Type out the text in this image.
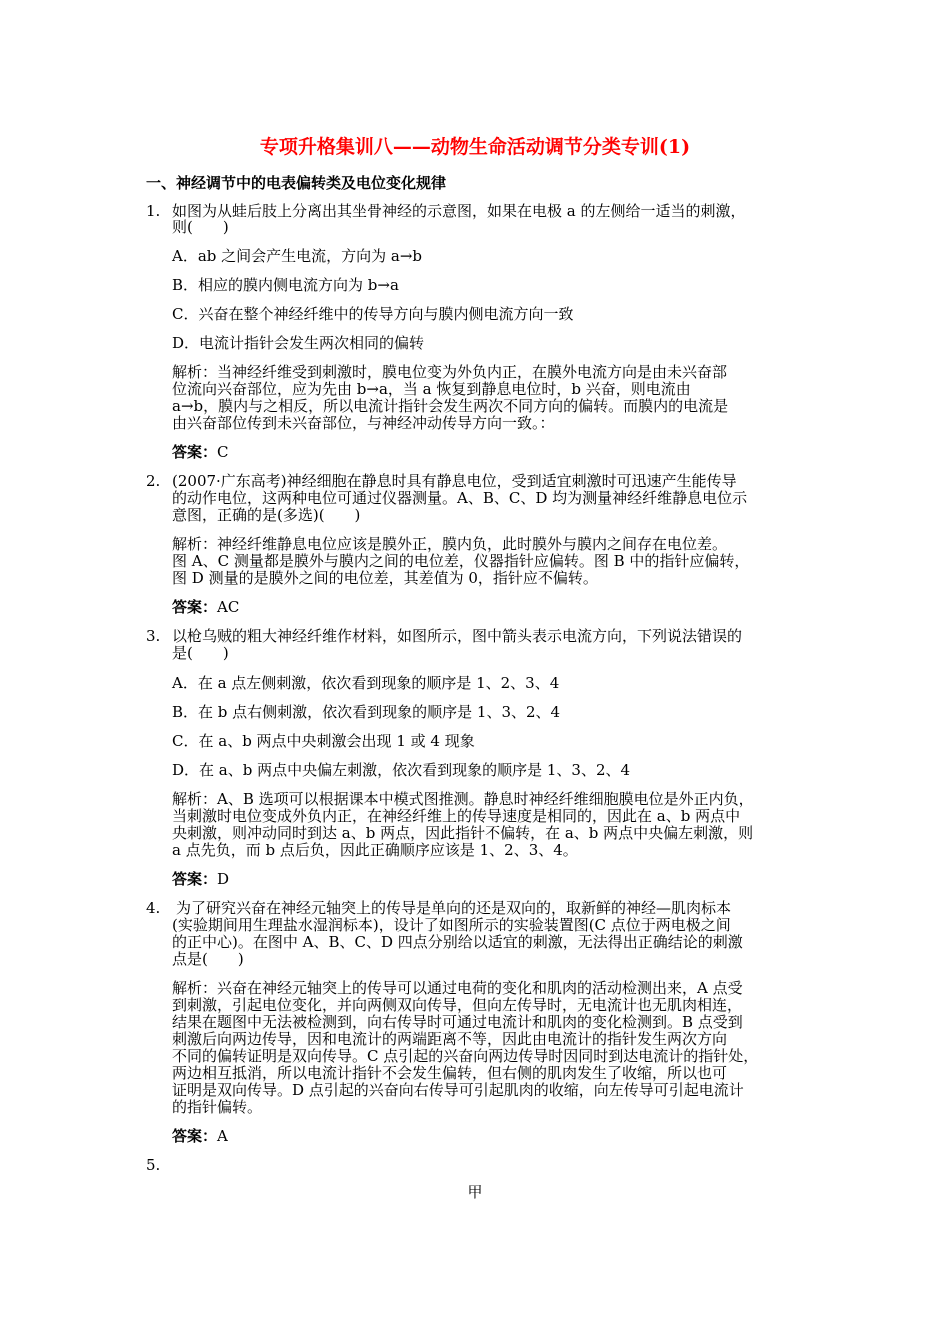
专项升格集训八——动物生命活动调节分类专训(1)
一、神经调节中的电表偏转类及电位变化规律
1. 如图为从蛙后肢上分离出其坐骨神经的示意图，如果在电极 a 的左侧给一适当的刺激，
则(　　)
A．ab 之间会产生电流，方向为 a→b
B．相应的膜内侧电流方向为 b→a
C．兴奋在整个神经纤维中的传导方向与膜内侧电流方向一致
D．电流计指针会发生两次相同的偏转
解析：当神经纤维受到刺激时，膜电位变为外负内正，在膜外电流方向是由未兴奋部
位流向兴奋部位，应为先由 b→a，当 a 恢复到静息电位时，b 兴奋，则电流由
a→b，膜内与之相反，所以电流计指针会发生两次不同方向的偏转。而膜内的电流是
由兴奋部位传到未兴奋部位，与神经冲动传导方向一致。：
答案：C
2. (2007·广东高考)神经细胞在静息时具有静息电位，受到适宜刺激时可迅速产生能传导
的动作电位，这两种电位可通过仪器测量。A、B、C、D 均为测量神经纤维静息电位示
意图，正确的是(多选)(　　)
解析：神经纤维静息电位应该是膜外正，膜内负，此时膜外与膜内之间存在电位差。
图 A、C 测量都是膜外与膜内之间的电位差，仪器指针应偏转。图 B 中的指针应偏转，
图 D 测量的是膜外之间的电位差，其差值为 0，指针应不偏转。
答案：AC
3. 以枪乌贼的粗大神经纤维作材料，如图所示，图中箭头表示电流方向，下列说法错误的
是(　　)
A．在 a 点左侧刺激，依次看到现象的顺序是 1、2、3、4
B．在 b 点右侧刺激，依次看到现象的顺序是 1、3、2、4
C．在 a、b 两点中央刺激会出现 1 或 4 现象
D．在 a、b 两点中央偏左刺激，依次看到现象的顺序是 1、3、2、4
解析：A、B 选项可以根据课本中模式图推测。静息时神经纤维细胞膜电位是外正内负，
当刺激时电位变成外负内正，在神经纤维上的传导速度是相同的，因此在 a、b 两点中
央刺激，则冲动同时到达 a、b 两点，因此指针不偏转，在 a、b 两点中央偏左刺激，则
a 点先负，而 b 点后负，因此正确顺序应该是 1、2、3、4。
答案：D
4. 为了研究兴奋在神经元轴突上的传导是单向的还是双向的，取新鲜的神经—肌肉标本
(实验期间用生理盐水湿润标本)，设计了如图所示的实验装置图(C 点位于两电极之间
的正中心)。在图中 A、B、C、D 四点分别给以适宜的刺激，无法得出正确结论的刺激
点是(　　)
解析：兴奋在神经元轴突上的传导可以通过电荷的变化和肌肉的活动检测出来，A 点受
到刺激，引起电位变化，并向两侧双向传导，但向左传导时，无电流计也无肌肉相连，
结果在题图中无法被检测到，向右传导时可通过电流计和肌肉的变化检测到。B 点受到
刺激后向两边传导，因和电流计的两端距离不等，因此由电流计的指针发生两次方向
不同的偏转证明是双向传导。C 点引起的兴奋向两边传导时因同时到达电流计的指针处，
两边相互抵消，所以电流计指针不会发生偏转，但右侧的肌肉发生了收缩，所以也可
证明是双向传导。D 点引起的兴奋向右传导可引起肌肉的收缩，向左传导可引起电流计
的指针偏转。
答案：A
5.
甲
